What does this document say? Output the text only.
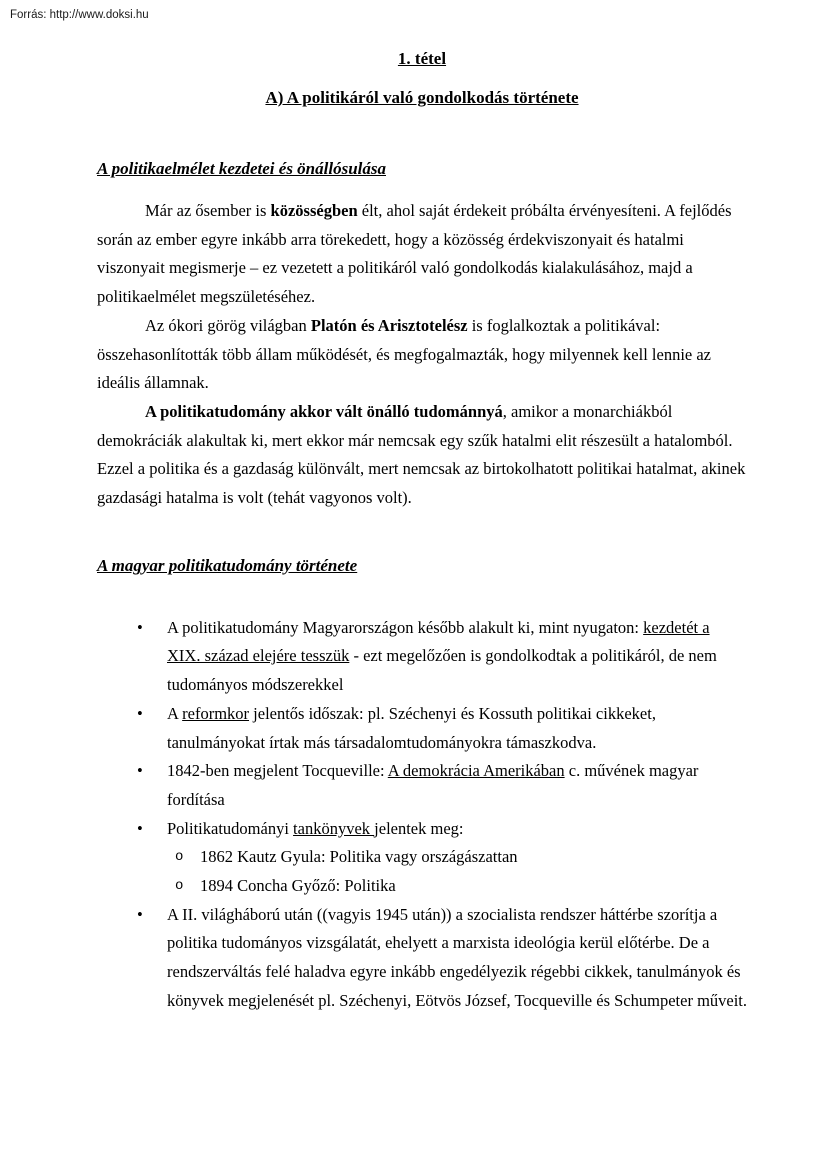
Forrás: http://www.doksi.hu
1. tétel
A) A politikáról való gondolkodás története
A politikaelmélet kezdetei és önállósulása

Már az ősember is közösségben élt, ahol saját érdekeit próbálta érvényesíteni. A fejlődés során az ember egyre inkább arra törekedett, hogy a közösség érdekviszonyait és hatalmi viszonyait megismerje – ez vezetett a politikáról való gondolkodás kialakulásához, majd a politikaelmélet megszületéséhez.

Az ókori görög világban Platón és Arisztotelész is foglalkoztak a politikával: összehasonlították több állam működését, és megfogalmazták, hogy milyennek kell lennie az ideális államnak.

A politikatudomány akkor vált önálló tudománnyá, amikor a monarchiákból demokráciák alakultak ki, mert ekkor már nemcsak egy szűk hatalmi elit részesült a hatalomból. Ezzel a politika és a gazdaság különvált, mert nemcsak az birtokolhatott politikai hatalmat, akinek gazdasági hatalma is volt (tehát vagyonos volt).

A magyar politikatudomány története
• A politikatudomány Magyarországon később alakult ki, mint nyugaton: kezdetét a XIX. század elejére tesszük - ezt megelőzően is gondolkodtak a politikáról, de nem tudományos módszerekkel
• A reformkor jelentős időszak: pl. Széchenyi és Kossuth politikai cikkeket, tanulmányokat írtak más társadalomtudományokra támaszkodva.
• 1842-ben megjelent Tocqueville: A demokrácia Amerikában c. művének magyar fordítása
• Politikatudományi tankönyvek jelentek meg:
o 1862 Kautz Gyula: Politika vagy országászattan
o 1894 Concha Győző: Politika
• A II. világháború után ((vagyis 1945 után)) a szocialista rendszer háttérbe szorítja a politika tudományos vizsgálatát, ehelyett a marxista ideológia kerül előtérbe. De a rendszerváltás felé haladva egyre inkább engedélyezik régebbi cikkek, tanulmányok és könyvek megjelenését pl. Széchenyi, Eötvös József, Tocqueville és Schumpeter műveit.
